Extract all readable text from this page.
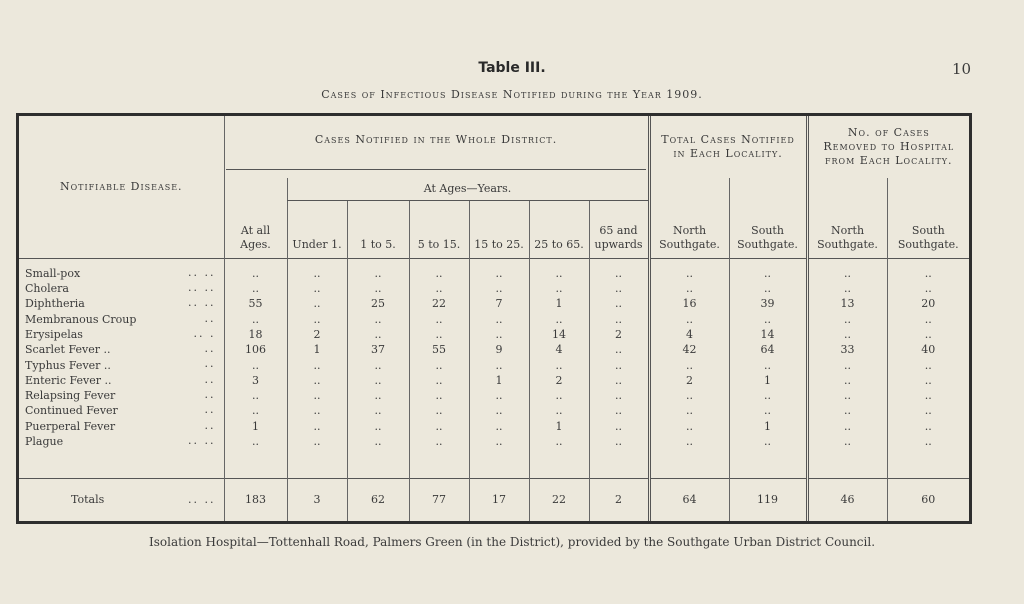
Table III.	10
Cases of Infectious Disease Notified during the Year 1909.
Notifiable Disease.	Cases Notified in the Whole District.							Total Cases Notified in Each Locality.		No. of Cases Removed to Hospital from Each Locality.	
	At all Ages.	At Ages—Years.						North Southgate.	South Southgate.	North Southgate.	South Southgate.
		Under 1.	1 to 5.	5 to 15.	15 to 25.	25 to 65.	65 and upwards				

Small-pox .. ..	..	..	..	..	..	..	..	..	..	..	..
Cholera .. ..	..	..	..	..	..	..	..	..	..	..	..
Diphtheria .. ..	55	..	25	22	7	1	..	16	39	13	20
Membranous Croup ..	..	..	..	..	..	..	..	..	..	..	..
Erysipelas .. .	18	2	..	..	..	14	2	4	14	..	..
Scarlet Fever .. ..	106	1	37	55	9	4	..	42	64	33	40
Typhus Fever .. ..	..	..	..	..	..	..	..	..	..	..	..
Enteric Fever .. ..	3	..	..	..	1	2	..	2	1	..	..
Relapsing Fever ..	..	..	..	..	..	..	..	..	..	..	..
Continued Fever ..	..	..	..	..	..	..	..	..	..	..	..
Puerperal Fever ..	1	..	..	..	..	1	..	..	1	..	..
Plague .. ..	..	..	..	..	..	..	..	..	..	..	..

Totals .. ..	183	3	62	77	17	22	2	64	119	46	60
Isolation Hospital—Tottenhall Road, Palmers Green (in the District), provided by the Southgate Urban District Council.
